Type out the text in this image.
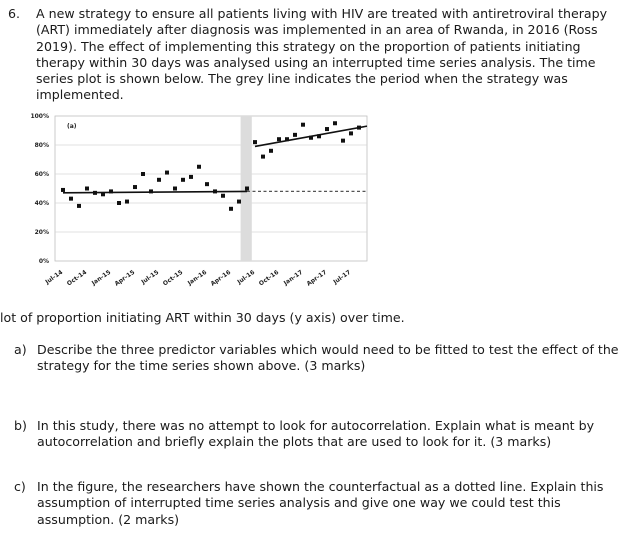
6. A new strategy to ensure all patients living with HIV are treated with antiretroviral therapy (ART) immediately after diagnosis was implemented in an area of Rwanda, in 2016 (Ross 2019). The effect of implementing this strategy on the proportion of patients initiating therapy within 30 days was analysed using an interrupted time series analysis. The time series plot is shown below. The grey line indicates the period when the strategy was implemented.
0%
20%
40%
60%
80%
100%
(a)
Jul-14 Oct-14 Jan-15 Apr-15 Jul-15 Oct-15 Jan-16 Apr-16 Jul-16 Oct-16 Jan-17 Apr-17 Jul-17
lot of proportion initiating ART within 30 days (y axis) over time.
a) Describe the three predictor variables which would need to be fitted to test the effect of the strategy for the time series shown above. (3 marks)
b) In this study, there was no attempt to look for autocorrelation. Explain what is meant by autocorrelation and briefly explain the plots that are used to look for it. (3 marks)
c) In the figure, the researchers have shown the counterfactual as a dotted line. Explain this assumption of interrupted time series analysis and give one way we could test this assumption. (2 marks)
